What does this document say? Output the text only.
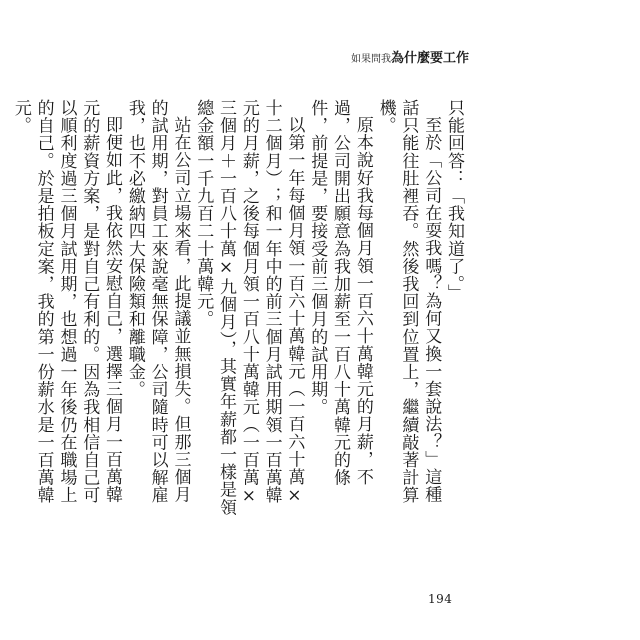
如果問我為什麼要工作

只能回答：「我知道了。」

至於「公司在耍我嗎？為何又換一套說法？」這種話只能往肚裡吞。然後我回到位置上，繼續敲著計算機。

原本說好我每個月領一百六十萬韓元的月薪，不過，公司開出願意為我加薪至一百八十萬韓元的條件，前提是，要接受前三個月的試用期。

以第一年每個月領一百六十萬韓元（一百六十萬×十二個月）；和一年中的前三個月試用期領一百萬韓元的月薪，之後每個月領一百八十萬韓元（一百萬×三個月＋一百八十萬×九個月），其實年薪都一樣是領總金額一千九百二十萬韓元。

站在公司立場來看，此提議並無損失。但那三個月的試用期，對員工來說毫無保障，公司隨時可以解雇我，也不必繳納四大保險類和離職金。

即便如此，我依然安慰自己，選擇三個月一百萬韓元的薪資方案，是對自己有利的。因為我相信自己可以順利度過三個月試用期，也想過一年後仍在職場上的自己。於是拍板定案，我的第一份薪水是一百萬韓元。

194
